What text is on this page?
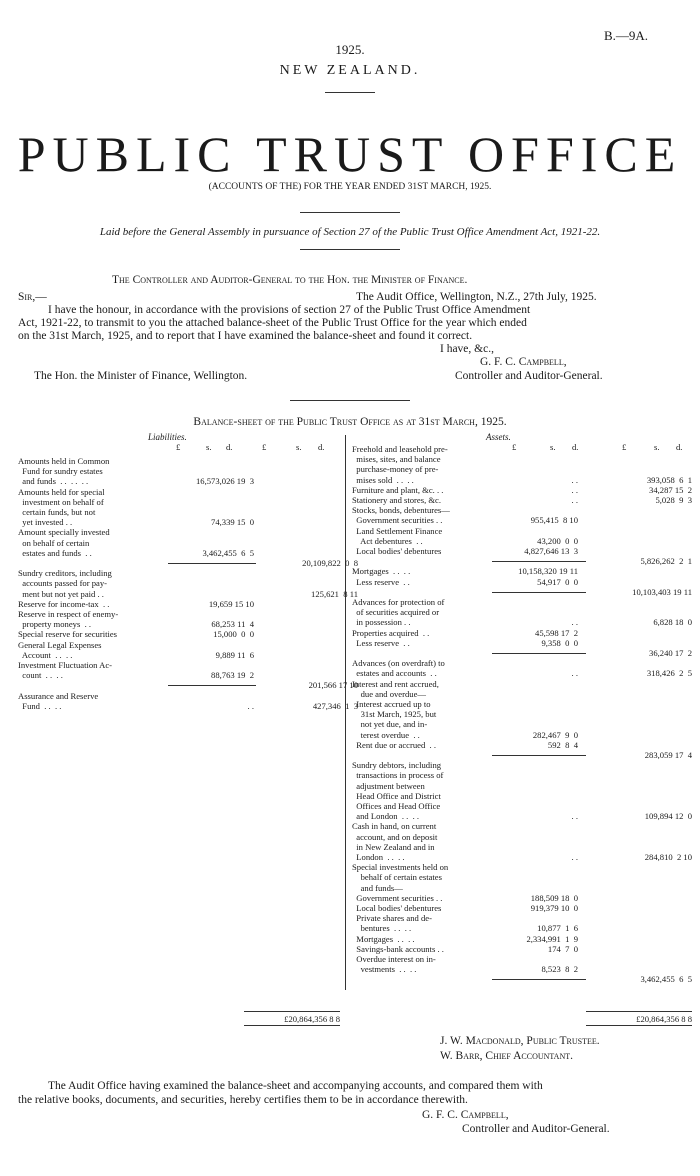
B.—9A.
1925.
NEW ZEALAND.
PUBLIC TRUST OFFICE
(ACCOUNTS OF THE) FOR THE YEAR ENDED 31ST MARCH, 1925.
Laid before the General Assembly in pursuance of Section 27 of the Public Trust Office Amendment Act, 1921-22.
The Controller and Auditor-General to the Hon. the Minister of Finance.
Sir,—	The Audit Office, Wellington, N.Z., 27th July, 1925.
I have the honour, in accordance with the provisions of section 27 of the Public Trust Office Amendment
Act, 1921-22, to transmit to you the attached balance-sheet of the Public Trust Office for the year which ended
on the 31st March, 1925, and to report that I have examined the balance-sheet and found it correct.
I have, &c.,
G. F. C. Campbell,
The Hon. the Minister of Finance, Wellington.	Controller and Auditor-General.
Balance-sheet of the Public Trust Office as at 31st March, 1925.
Liabilities.	Assets.
£	s. d.	£	s. d.	£	s. d.	£	s. d.
Amounts held in Common
Fund for sundry estates
and funds  . .  . .  . .	16,573,026 19  3
Amounts held for special
investment on behalf of
certain funds, but not
yet invested . .	74,339 15  0
Amount specially invested
on behalf of certain
estates and funds  . .	3,462,455  6  5
20,109,822  0  8
Sundry creditors, including
accounts passed for pay-
ment but not yet paid . .	125,621  8 11
Reserve for income-tax  . .	19,659 15 10
Reserve in respect of enemy-
property moneys  . .	68,253 11  4
Special reserve for securities	15,000  0  0
General Legal Expenses
Account  . .  . .	9,889 11  6
Investment Fluctuation Ac-
count  . .  . .	88,763 19  2
201,566 17 10
Assurance and Reserve
Fund  . .  . .	. .	427,346  1  3
Freehold and leasehold pre-
mises, sites, and balance
purchase-money of pre-
mises sold  . .  . .	. .	393,058  6  1
Furniture and plant, &c. . .	. .	34,287 15  2
Stationery and stores, &c.	. .	5,028  9  3
Stocks, bonds, debentures—
Government securities . .	955,415  8 10
Land Settlement Finance
Act debentures  . .	43,200  0  0
Local bodies' debentures	4,827,646 13  3
5,826,262  2  1
Mortgages  . .  . .	10,158,320 19 11
Less reserve  . .	54,917  0  0
10,103,403 19 11
Advances for protection of
of securities acquired or
in possession . .	. .	6,828 18  0
Properties acquired  . .	45,598 17  2
Less reserve  . .	9,358  0  0
36,240 17  2
Advances (on overdraft) to
estates and accounts  . .	. .	318,426  2  5
Interest and rent accrued,
due and overdue—
Interest accrued up to
31st March, 1925, but
not yet due, and in-
terest overdue  . .	282,467  9  0
Rent due or accrued  . .	592  8  4
283,059 17  4
Sundry debtors, including
transactions in process of
adjustment between
Head Office and District
Offices and Head Office
and London  . .  . .	. .	109,894 12  0
Cash in hand, on current
account, and on deposit
in New Zealand and in
London  . .  . .	. .	284,810  2 10
Special investments held on
behalf of certain estates
and funds—
Government securities . .	188,509 18  0
Local bodies' debentures	919,379 10  0
Private shares and de-
bentures  . .  . .	10,877  1  6
Mortgages  . .  . .	2,334,991  1  9
Savings-bank accounts . .	174  7  0
Overdue interest on in-
vestments  . .  . .	8,523  8  2
3,462,455  6  5
£20,864,356 8 8	£20,864,356 8 8
J. W. Macdonald, Public Trustee.
W. Barr, Chief Accountant.
The Audit Office having examined the balance-sheet and accompanying accounts, and compared them with
the relative books, documents, and securities, hereby certifies them to be in accordance therewith.
G. F. C. Campbell,
Controller and Auditor-General.
